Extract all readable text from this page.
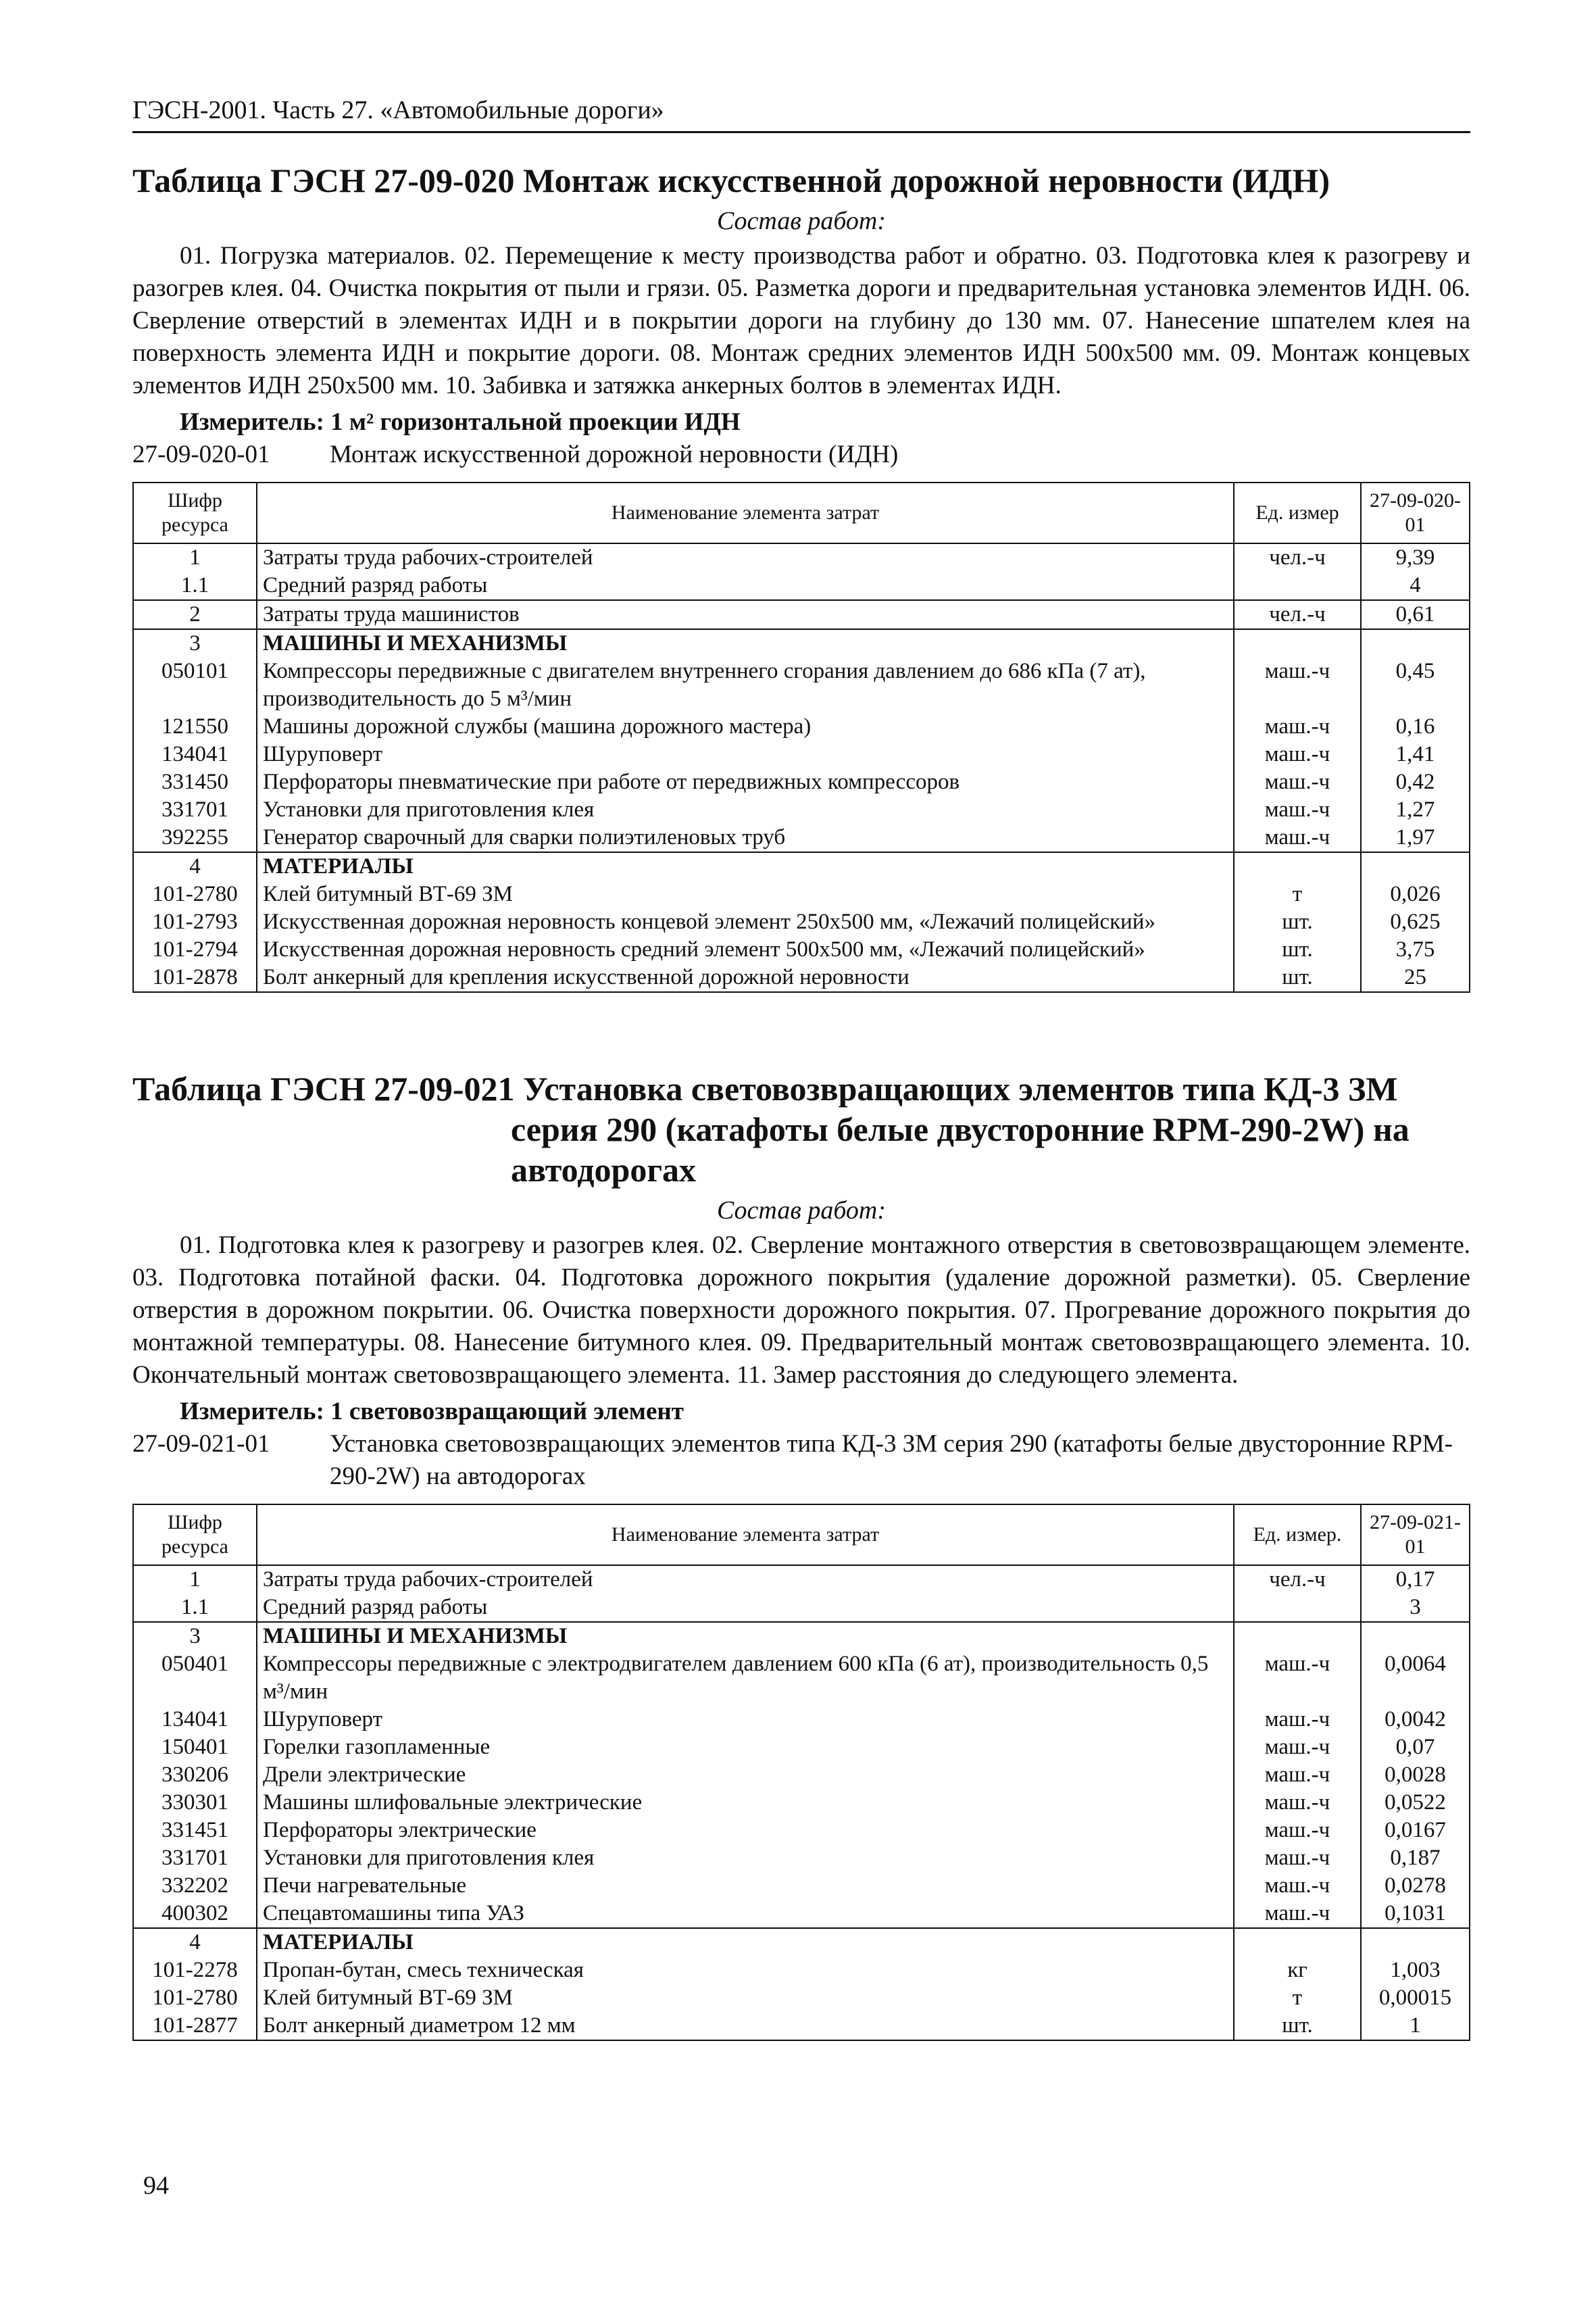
ГЭСН-2001. Часть 27. «Автомобильные дороги»
Таблица ГЭСН 27-09-020 Монтаж искусственной дорожной неровности (ИДН)
Состав работ:

01. Погрузка материалов. 02. Перемещение к месту производства работ и обратно. 03. Подготовка клея к разогреву и разогрев клея. 04. Очистка покрытия от пыли и грязи. 05. Разметка дороги и предварительная установка элементов ИДН. 06. Сверление отверстий в элементах ИДН и в покрытии дороги на глубину до 130 мм. 07. Нанесение шпателем клея на поверхность элемента ИДН и покрытие дороги. 08. Монтаж средних элементов ИДН 500x500 мм. 09. Монтаж концевых элементов ИДН 250x500 мм. 10. Забивка и затяжка анкерных болтов в элементах ИДН.

Измеритель: 1 м² горизонтальной проекции ИДН

27-09-020-01	Монтаж искусственной дорожной неровности (ИДН)
Шифр ресурса	Наименование элемента затрат	Ед. измер	27-09-020-01
1	Затраты труда рабочих-строителей	чел.-ч	9,39
1.1	Средний разряд работы		4
2	Затраты труда машинистов	чел.-ч	0,61
3	МАШИНЫ И МЕХАНИЗМЫ		
050101	Компрессоры передвижные с двигателем внутреннего сгорания давлением до 686 кПа (7 ат), производительность до 5 м³/мин	маш.-ч	0,45
121550	Машины дорожной службы (машина дорожного мастера)	маш.-ч	0,16
134041	Шуруповерт	маш.-ч	1,41
331450	Перфораторы пневматические при работе от передвижных компрессоров	маш.-ч	0,42
331701	Установки для приготовления клея	маш.-ч	1,27
392255	Генератор сварочный для сварки полиэтиленовых труб	маш.-ч	1,97
4	МАТЕРИАЛЫ		
101-2780	Клей битумный ВТ-69 ЗМ	т	0,026
101-2793	Искусственная дорожная неровность концевой элемент 250x500 мм, «Лежачий полицейский»	шт.	0,625
101-2794	Искусственная дорожная неровность средний элемент 500x500 мм, «Лежачий полицейский»	шт.	3,75
101-2878	Болт анкерный для крепления искусственной дорожной неровности	шт.	25
Таблица ГЭСН 27-09-021 Установка световозвращающих элементов типа КД-3 ЗМ
серия 290 (катафоты белые двусторонние RPM-290-2W) на
автодорогах
Состав работ:

01. Подготовка клея к разогреву и разогрев клея. 02. Сверление монтажного отверстия в световозвращающем элементе. 03. Подготовка потайной фаски. 04. Подготовка дорожного покрытия (удаление дорожной разметки). 05. Сверление отверстия в дорожном покрытии. 06. Очистка поверхности дорожного покрытия. 07. Прогревание дорожного покрытия до монтажной температуры. 08. Нанесение битумного клея. 09. Предварительный монтаж световозвращающего элемента. 10. Окончательный монтаж световозвращающего элемента. 11. Замер расстояния до следующего элемента.

Измеритель: 1 световозвращающий элемент

27-09-021-01	Установка световозвращающих элементов типа КД-3 ЗМ серия 290 (катафоты белые двусторонние RPM-290-2W) на автодорогах
Шифр ресурса	Наименование элемента затрат	Ед. измер.	27-09-021-01
1	Затраты труда рабочих-строителей	чел.-ч	0,17
1.1	Средний разряд работы		3
3	МАШИНЫ И МЕХАНИЗМЫ		
050401	Компрессоры передвижные с электродвигателем давлением 600 кПа (6 ат), производительность 0,5 м³/мин	маш.-ч	0,0064
134041	Шуруповерт	маш.-ч	0,0042
150401	Горелки газопламенные	маш.-ч	0,07
330206	Дрели электрические	маш.-ч	0,0028
330301	Машины шлифовальные электрические	маш.-ч	0,0522
331451	Перфораторы электрические	маш.-ч	0,0167
331701	Установки для приготовления клея	маш.-ч	0,187
332202	Печи нагревательные	маш.-ч	0,0278
400302	Спецавтомашины типа УАЗ	маш.-ч	0,1031
4	МАТЕРИАЛЫ		
101-2278	Пропан-бутан, смесь техническая	кг	1,003
101-2780	Клей битумный ВТ-69 ЗМ	т	0,00015
101-2877	Болт анкерный диаметром 12 мм	шт.	1
94
